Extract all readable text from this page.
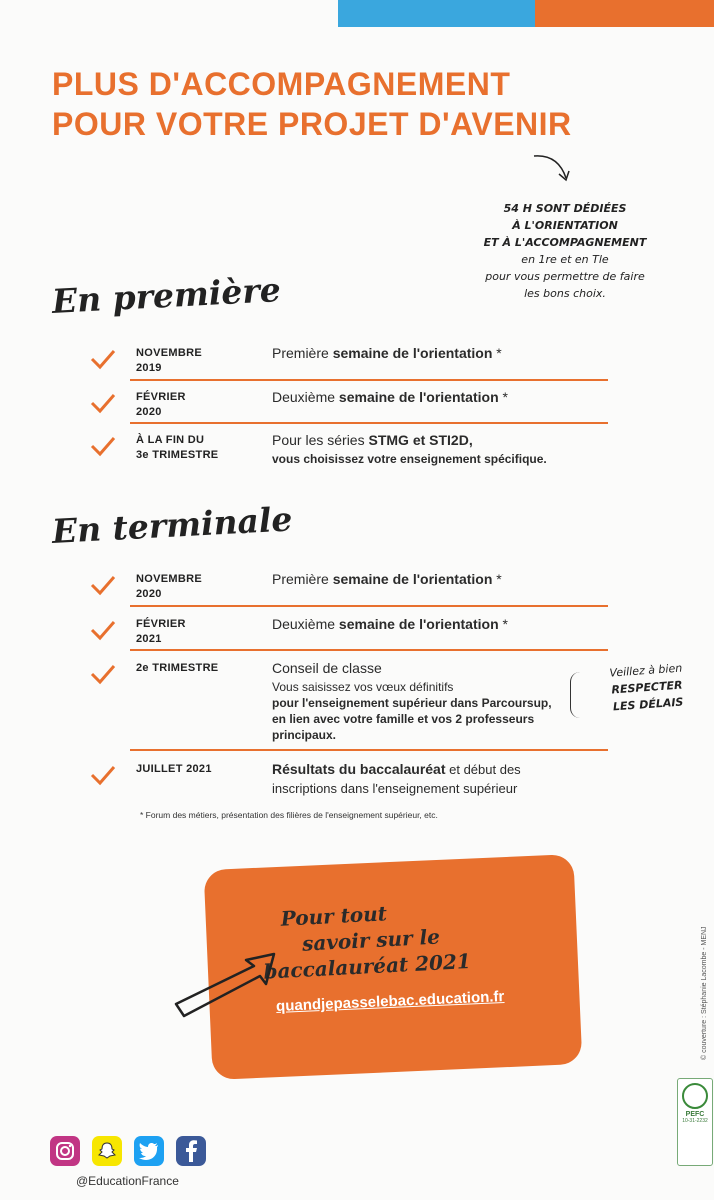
PLUS D'ACCOMPAGNEMENT
POUR VOTRE PROJET D'AVENIR
54 H SONT DÉDIÉES
À L'ORIENTATION
ET À L'ACCOMPAGNEMENT
en 1re et en Tle
pour vous permettre de faire
les bons choix.
En première
NOVEMBRE
2019
Première semaine de l'orientation *
FÉVRIER
2020
Deuxième semaine de l'orientation *
À LA FIN DU
3e TRIMESTRE
Pour les séries STMG et STI2D,
vous choisissez votre enseignement spécifique.
En terminale
NOVEMBRE
2020
Première semaine de l'orientation *
FÉVRIER
2021
Deuxième semaine de l'orientation *
2e TRIMESTRE	Conseil de classe
Vous saisissez vos vœux définitifs
pour l'enseignement supérieur dans Parcoursup, en lien avec votre famille et vos 2 professeurs principaux.
Veillez à bien
RESPECTER
LES DÉLAIS
JUILLET 2021	Résultats du baccalauréat et début des inscriptions dans l'enseignement supérieur
* Forum des métiers, présentation des filières de l'enseignement supérieur, etc.
Pour tout
savoir sur le
baccalauréat 2021
quandjepasselebac.education.fr
@EducationFrance
© couverture : Stéphanie Lacombe - MENJ
PEFC
10-31-2232
